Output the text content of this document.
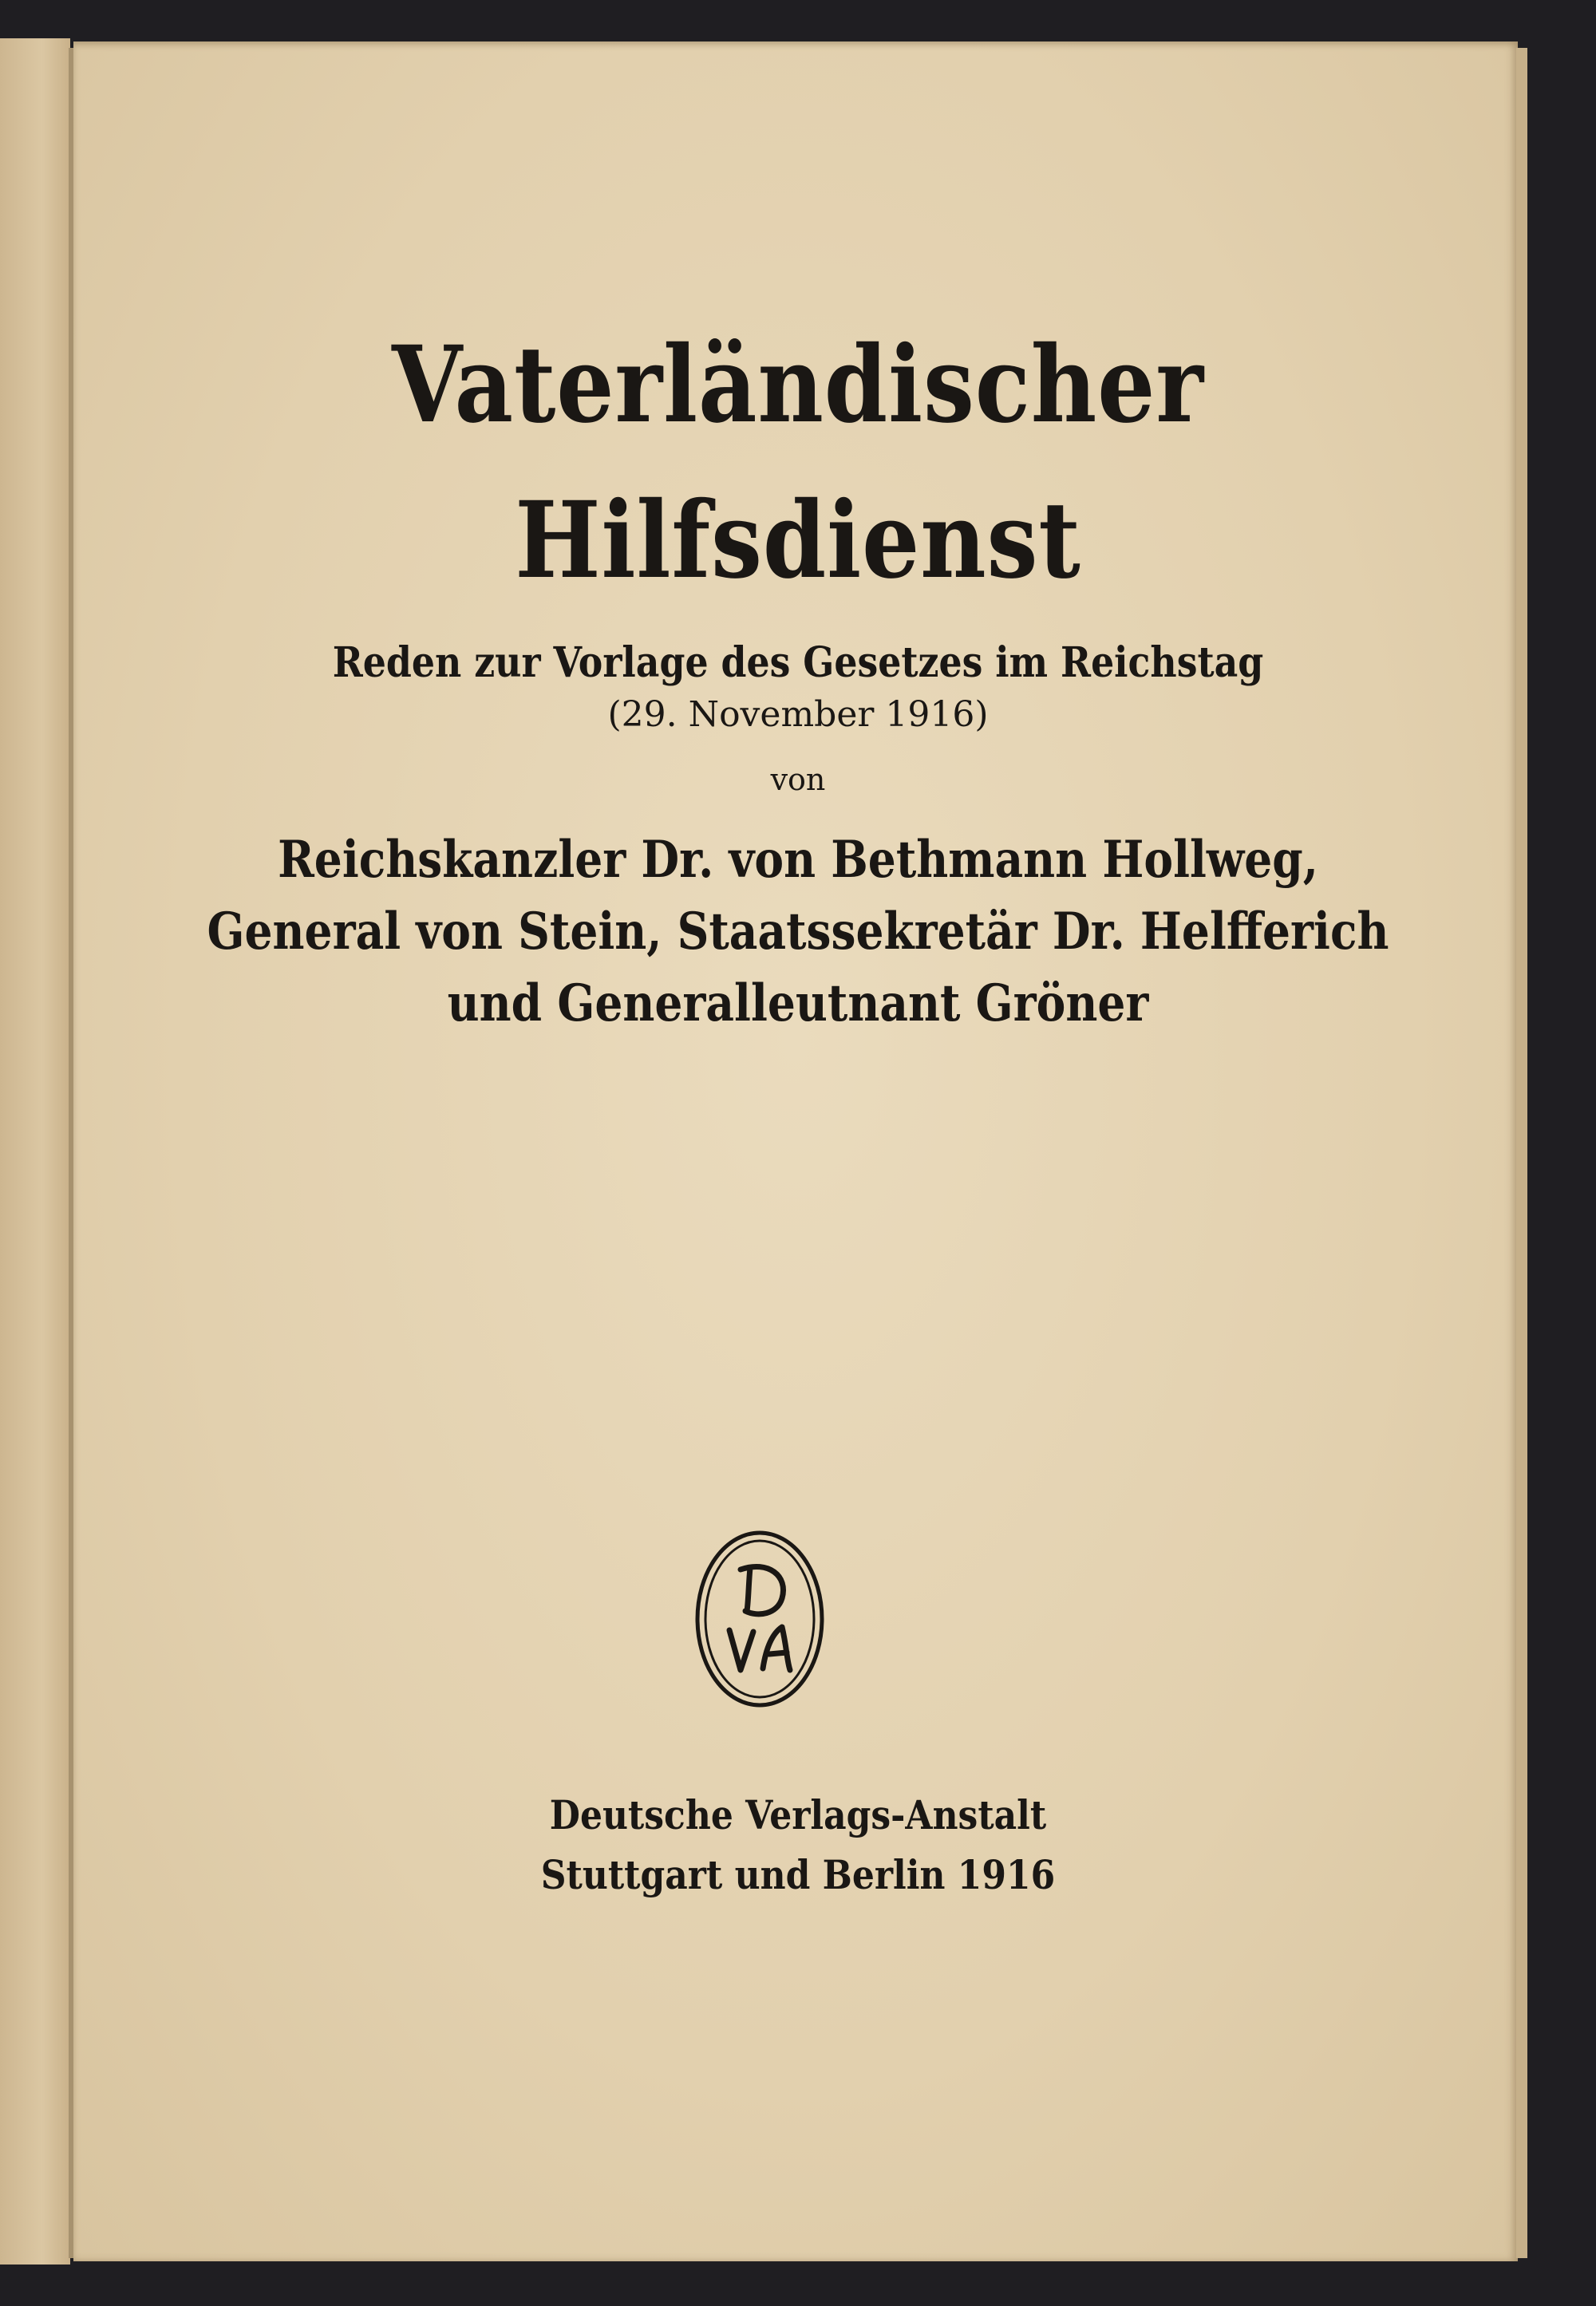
Vaterländischer
Hilfsdienst
Reden zur Vorlage des Gesetzes im Reichstag
(29. November 1916)
von
Reichskanzler Dr. von Bethmann Hollweg,
General von Stein, Staatssekretär Dr. Helfferich
und Generalleutnant Gröner
Deutsche Verlags-Anstalt
Stuttgart und Berlin 1916
